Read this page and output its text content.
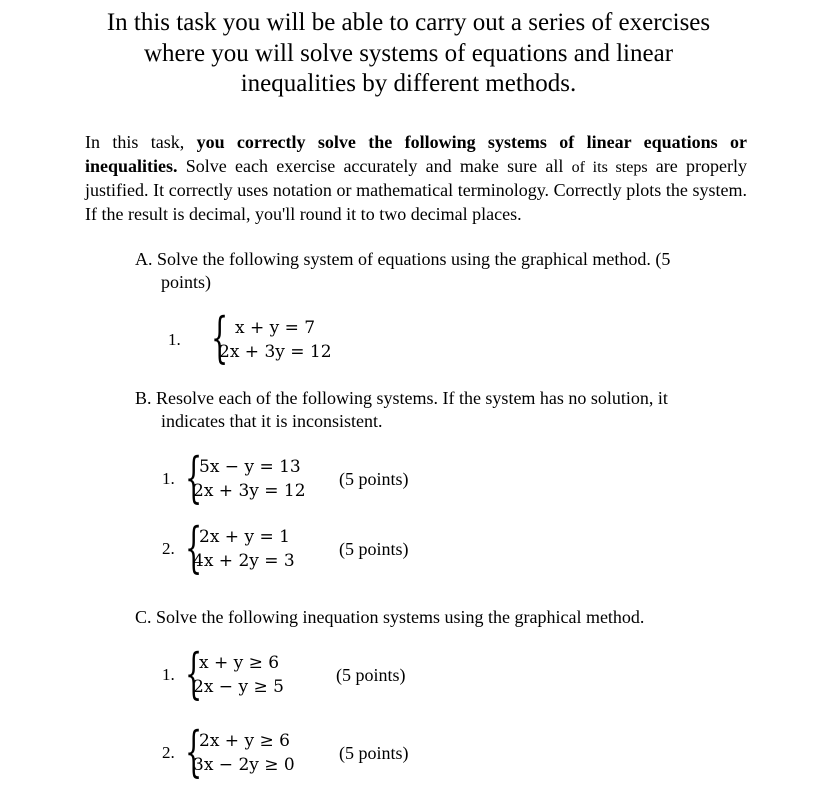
In this task you will be able to carry out a series of exercises
where you will solve systems of equations and linear
inequalities by different methods.

In this task, you correctly solve the following systems of linear equations or inequalities. Solve each exercise accurately and make sure all of its steps are properly justified. It correctly uses notation or mathematical terminology. Correctly plots the system. If the result is decimal, you'll round it to two decimal places.

A. Solve the following system of equations using the graphical method. (5
points)
1. { x + y = 7
2x + 3y = 12
B. Resolve each of the following systems. If the system has no solution, it
indicates that it is inconsistent.
1. {
5x − y = 13
2x + 3y = 12
(5 points)
2. {
2x + y = 1
4x + 2y = 3
(5 points)
C. Solve the following inequation systems using the graphical method.
1. {
x + y ≥ 6
2x − y ≥ 5
(5 points)
2. {
2x + y ≥ 6
3x − 2y ≥ 0
(5 points)
